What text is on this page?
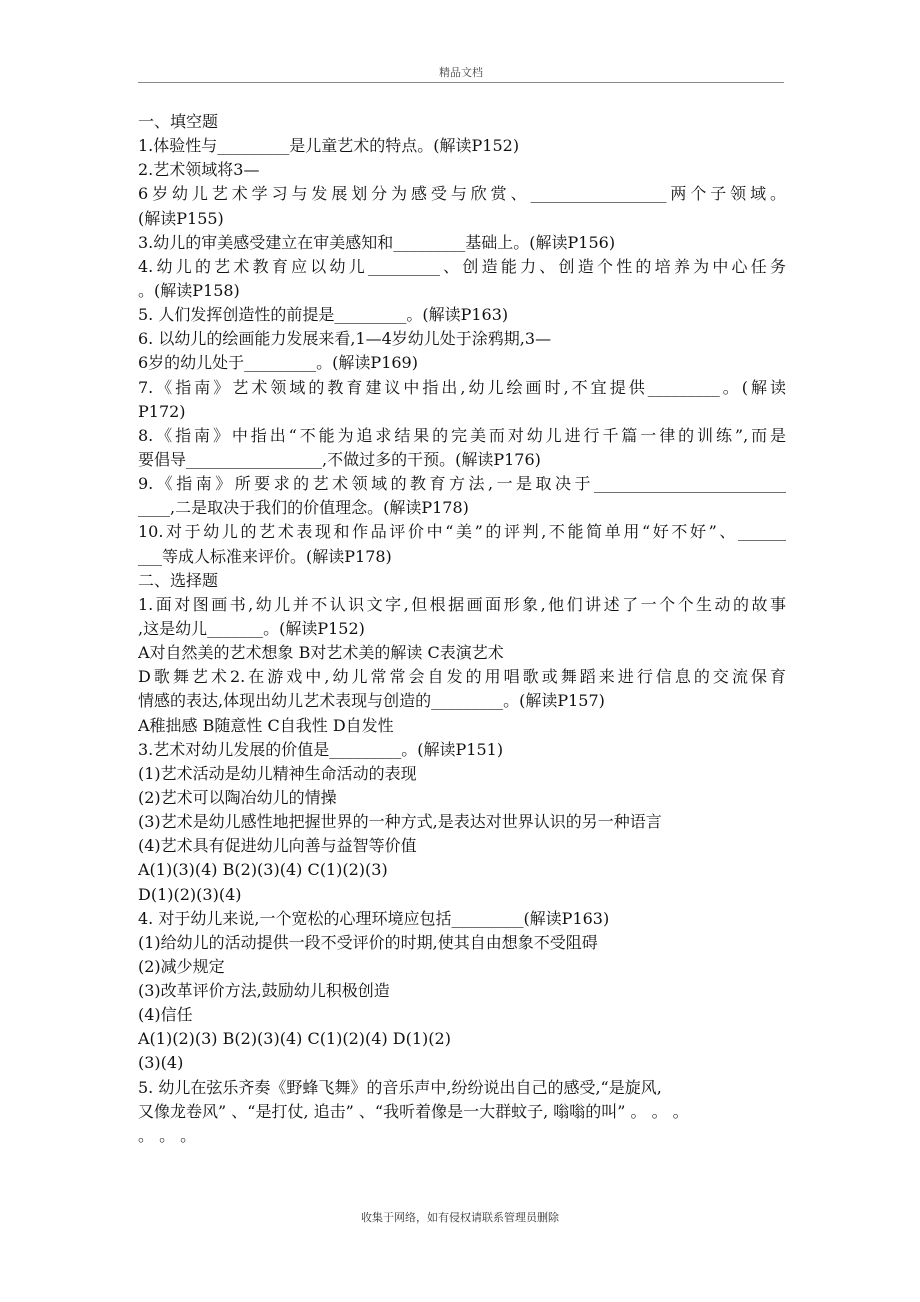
精品文档
一、填空题
1.体验性与_________是儿童艺术的特点。(解读P152)
2.艺术领域将3—
6岁幼儿艺术学习与发展划分为感受与欣赏、_________________两个子领域。
(解读P155)
3.幼儿的审美感受建立在审美感知和_________基础上。(解读P156)
4.幼儿的艺术教育应以幼儿_________、创造能力、创造个性的培养为中心任务
。(解读P158)
5. 人们发挥创造性的前提是_________。(解读P163)
6. 以幼儿的绘画能力发展来看,1—4岁幼儿处于涂鸦期,3—
6岁的幼儿处于_________。(解读P169)
7.《指南》艺术领域的教育建议中指出,幼儿绘画时,不宜提供_________。(解读
P172)
8.《指南》中指出“不能为追求结果的完美而对幼儿进行千篇一律的训练”,而是
要倡导_________________,不做过多的干预。(解读P176)
9.《指南》所要求的艺术领域的教育方法,一是取决于________________________
____,二是取决于我们的价值理念。(解读P178)
10.对于幼儿的艺术表现和作品评价中“美”的评判,不能简单用“好不好”、______
___等成人标准来评价。(解读P178)
二、选择题
1.面对图画书,幼儿并不认识文字,但根据画面形象,他们讲述了一个个生动的故事
,这是幼儿_______。(解读P152)
A对自然美的艺术想象 B对艺术美的解读 C表演艺术
D歌舞艺术2.在游戏中,幼儿常常会自发的用唱歌或舞蹈来进行信息的交流保育
情感的表达,体现出幼儿艺术表现与创造的_________。(解读P157)
A稚拙感 B随意性 C自我性 D自发性
3.艺术对幼儿发展的价值是_________。(解读P151)
(1)艺术活动是幼儿精神生命活动的表现
(2)艺术可以陶冶幼儿的情操
(3)艺术是幼儿感性地把握世界的一种方式,是表达对世界认识的另一种语言
(4)艺术具有促进幼儿向善与益智等价值
A(1)(3)(4) B(2)(3)(4) C(1)(2)(3)
D(1)(2)(3)(4)
4. 对于幼儿来说,一个宽松的心理环境应包括_________(解读P163)
(1)给幼儿的活动提供一段不受评价的时期,使其自由想象不受阻碍
(2)减少规定
(3)改革评价方法,鼓励幼儿积极创造
(4)信任
A(1)(2)(3) B(2)(3)(4) C(1)(2)(4) D(1)(2)
(3)(4)
5. 幼儿在弦乐齐奏《野蜂飞舞》的音乐声中,纷纷说出自己的感受,“是旋风,
又像龙卷风” 、“是打仗, 追击” 、“我听着像是一大群蚊子, 嗡嗡的叫” 。 。 。
。 。 。
收集于网络，如有侵权请联系管理员删除
